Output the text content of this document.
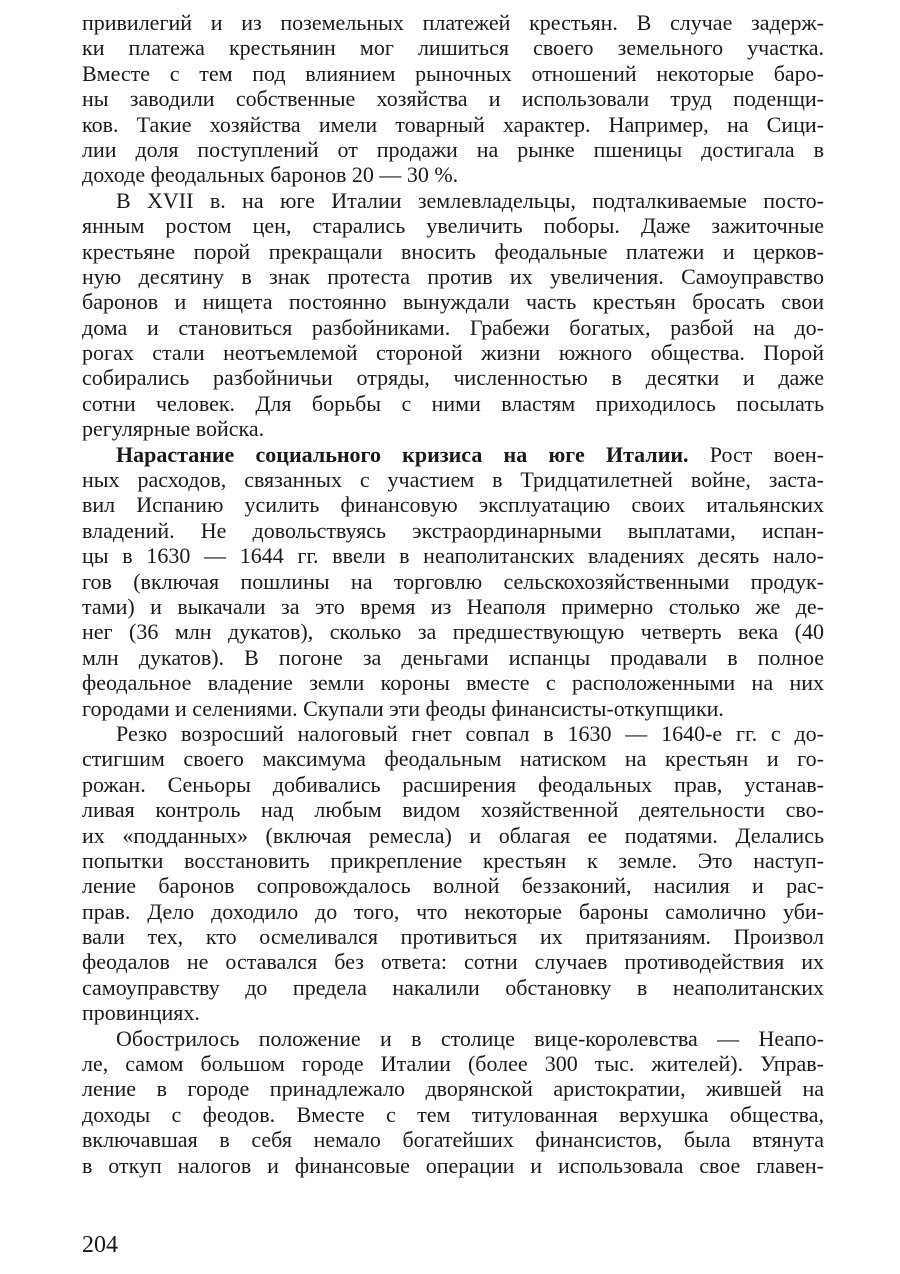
привилегий и из поземельных платежей крестьян. В случае задерж-
ки платежа крестьянин мог лишиться своего земельного участка.
Вместе с тем под влиянием рыночных отношений некоторые баро-
ны заводили собственные хозяйства и использовали труд поденщи-
ков. Такие хозяйства имели товарный характер. Например, на Сици-
лии доля поступлений от продажи на рынке пшеницы достигала в
доходе феодальных баронов 20 — 30 %.
В XVII в. на юге Италии землевладельцы, подталкиваемые посто-
янным ростом цен, старались увеличить поборы. Даже зажиточные
крестьяне порой прекращали вносить феодальные платежи и церков-
ную десятину в знак протеста против их увеличения. Самоуправство
баронов и нищета постоянно вынуждали часть крестьян бросать свои
дома и становиться разбойниками. Грабежи богатых, разбой на до-
рогах стали неотъемлемой стороной жизни южного общества. Порой
собирались разбойничьи отряды, численностью в десятки и даже
сотни человек. Для борьбы с ними властям приходилось посылать
регулярные войска.
Нарастание социального кризиса на юге Италии. Рост воен-
ных расходов, связанных с участием в Тридцатилетней войне, заста-
вил Испанию усилить финансовую эксплуатацию своих итальянских
владений. Не довольствуясь экстраординарными выплатами, испан-
цы в 1630 — 1644 гг. ввели в неаполитанских владениях десять нало-
гов (включая пошлины на торговлю сельскохозяйственными продук-
тами) и выкачали за это время из Неаполя примерно столько же де-
нег (36 млн дукатов), сколько за предшествующую четверть века (40
млн дукатов). В погоне за деньгами испанцы продавали в полное
феодальное владение земли короны вместе с расположенными на них
городами и селениями. Скупали эти феоды финансисты-откупщики.
Резко возросший налоговый гнет совпал в 1630 — 1640-е гг. с до-
стигшим своего максимума феодальным натиском на крестьян и го-
рожан. Сеньоры добивались расширения феодальных прав, устанав-
ливая контроль над любым видом хозяйственной деятельности сво-
их «подданных» (включая ремесла) и облагая ее податями. Делались
попытки восстановить прикрепление крестьян к земле. Это наступ-
ление баронов сопровождалось волной беззаконий, насилия и рас-
прав. Дело доходило до того, что некоторые бароны самолично уби-
вали тех, кто осмеливался противиться их притязаниям. Произвол
феодалов не оставался без ответа: сотни случаев противодействия их
самоуправству до предела накалили обстановку в неаполитанских
провинциях.
Обострилось положение и в столице вице-королевства — Неапо-
ле, самом большом городе Италии (более 300 тыс. жителей). Управ-
ление в городе принадлежало дворянской аристократии, жившей на
доходы с феодов. Вместе с тем титулованная верхушка общества,
включавшая в себя немало богатейших финансистов, была втянута
в откуп налогов и финансовые операции и использовала свое главен-
204
